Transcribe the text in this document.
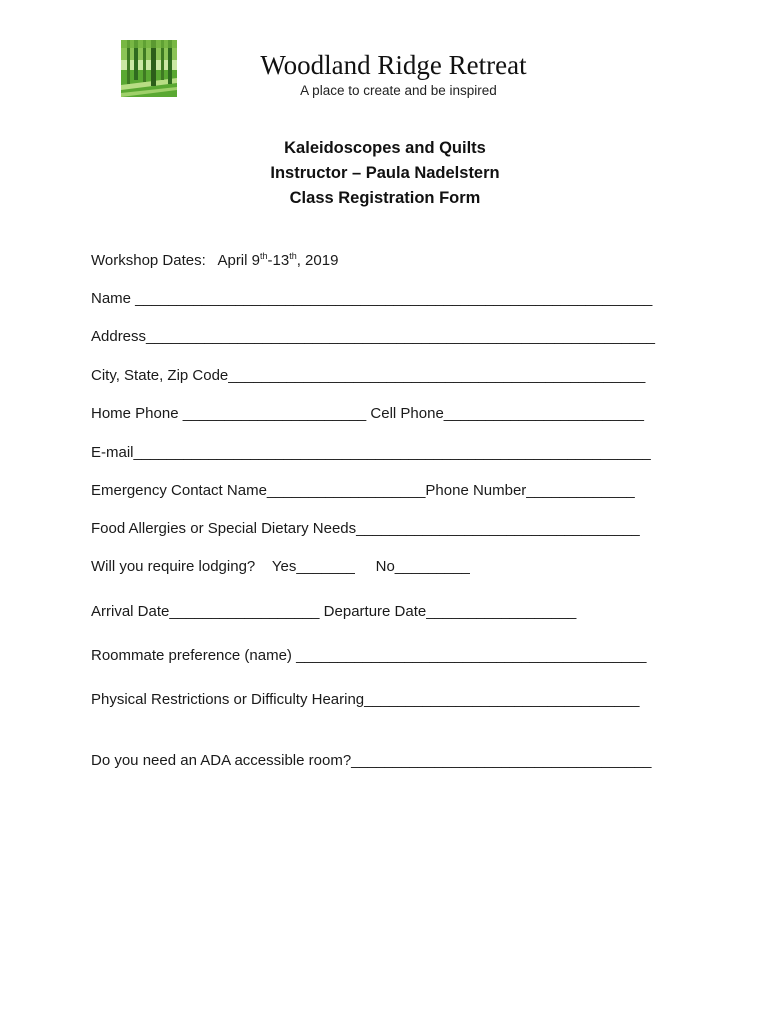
Woodland Ridge Retreat
A place to create and be inspired
Kaleidoscopes and Quilts
Instructor – Paula Nadelstern
Class Registration Form
Workshop Dates: April 9th-13th, 2019
Name ______________________________________________________________
Address_____________________________________________________________
City, State, Zip Code__________________________________________________
Home Phone ______________________ Cell Phone________________________
E-mail______________________________________________________________
Emergency Contact Name___________________Phone Number_____________
Food Allergies or Special Dietary Needs__________________________________
Will you require lodging?    Yes_______     No_________
Arrival Date__________________ Departure Date__________________
Roommate preference (name) __________________________________________
Physical Restrictions or Difficulty Hearing_________________________________
Do you need an ADA accessible room?____________________________________
